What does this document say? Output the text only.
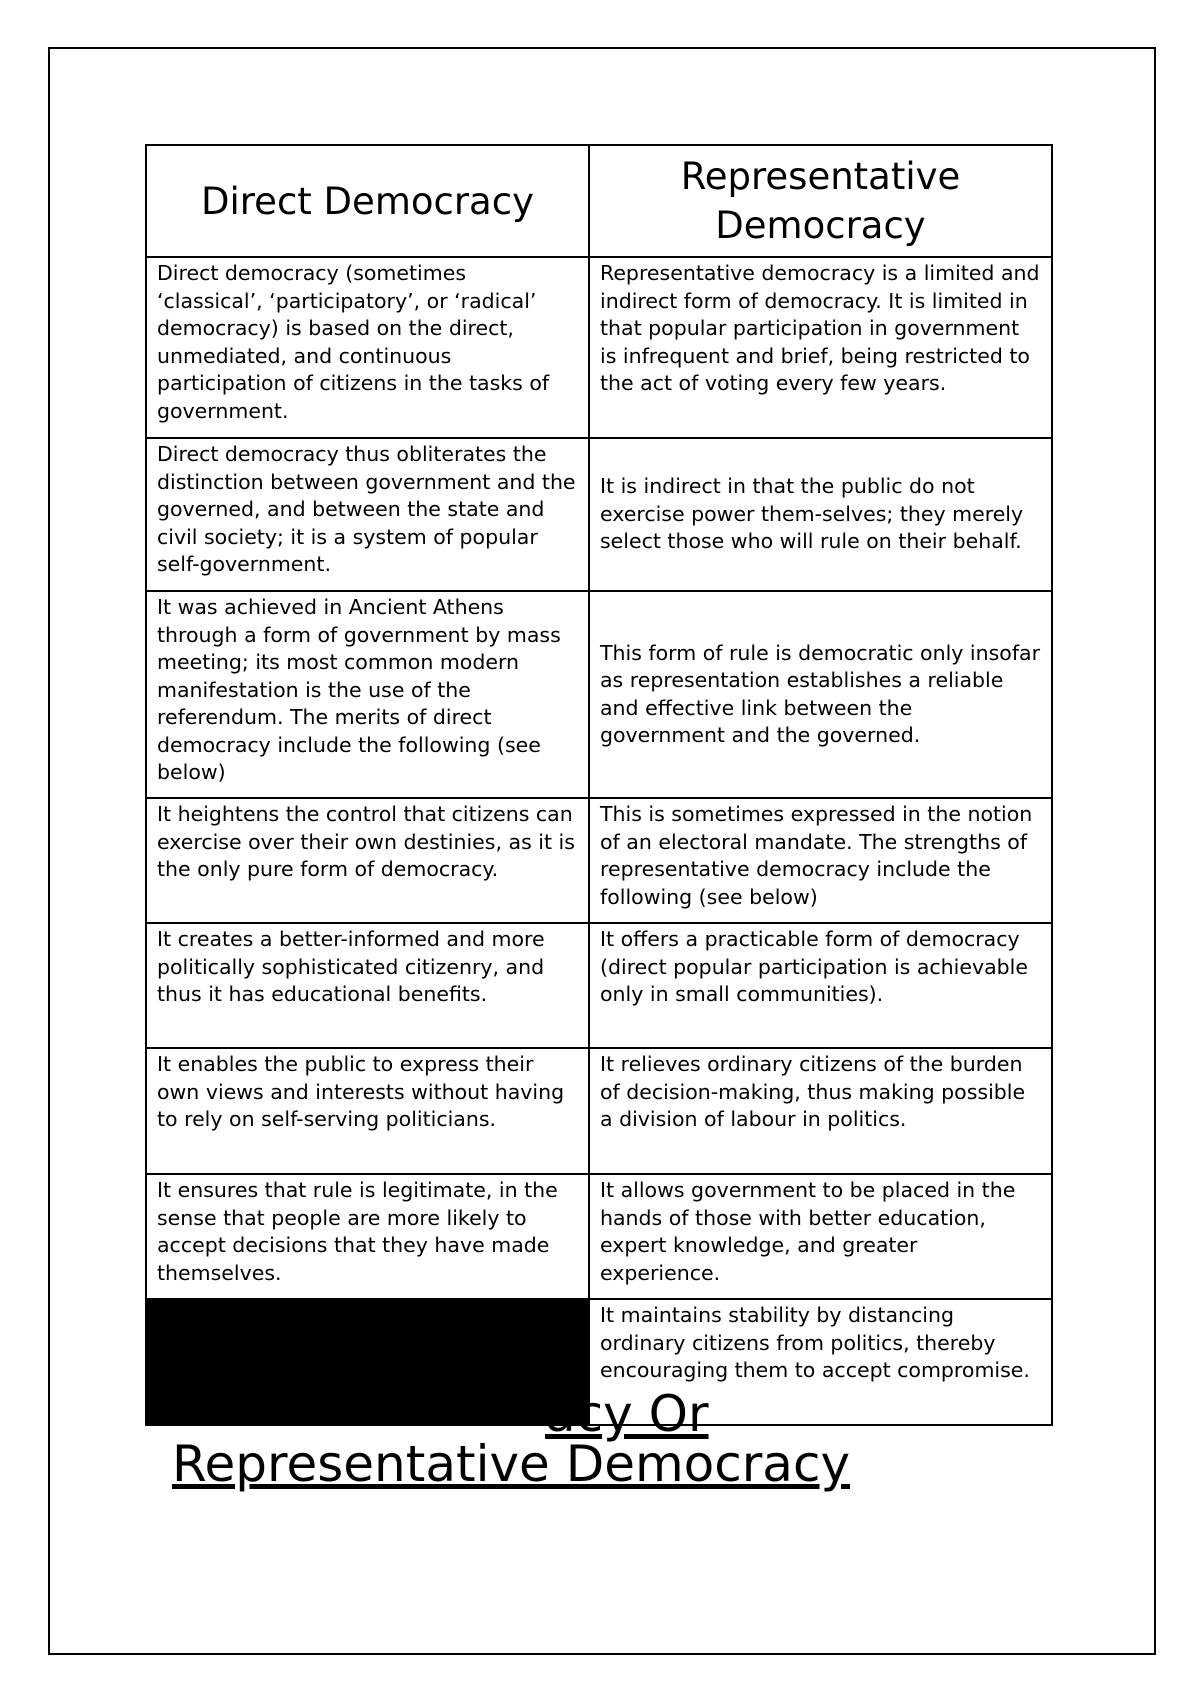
Direct Democracy	Representative Democracy
Direct democracy (sometimes ‘classical’, ‘participatory’, or ‘radical’ democracy) is based on the direct, unmediated, and continuous participation of citizens in the tasks of government.	Representative democracy is a limited and indirect form of democracy. It is limited in that popular participation in government is infrequent and brief, being restricted to the act of voting every few years.
Direct democracy thus obliterates the distinction between government and the governed, and between the state and civil society; it is a system of popular self-government.	It is indirect in that the public do not exercise power them-selves; they merely select those who will rule on their behalf.
It was achieved in Ancient Athens through a form of government by mass meeting; its most common modern manifestation is the use of the referendum. The merits of direct democracy include the following (see below)	This form of rule is democratic only insofar as representation establishes a reliable and effective link between the government and the governed.
It heightens the control that citizens can exercise over their own destinies, as it is the only pure form of democracy.	This is sometimes expressed in the notion of an electoral mandate. The strengths of representative democracy include the following (see below)
It creates a better-informed and more politically sophisticated citizenry, and thus it has educational benefits.	It offers a practicable form of democracy (direct popular participation is achievable only in small communities).
It enables the public to express their own views and interests without having to rely on self-serving politicians.	It relieves ordinary citizens of the burden of decision-making, thus making possible a division of labour in politics.
It ensures that rule is legitimate, in the sense that people are more likely to accept decisions that they have made themselves.	It allows government to be placed in the hands of those with better education, expert knowledge, and greater experience.
	It maintains stability by distancing ordinary citizens from politics, thereby encouraging them to accept compromise.
acy Or
Representative Democracy
